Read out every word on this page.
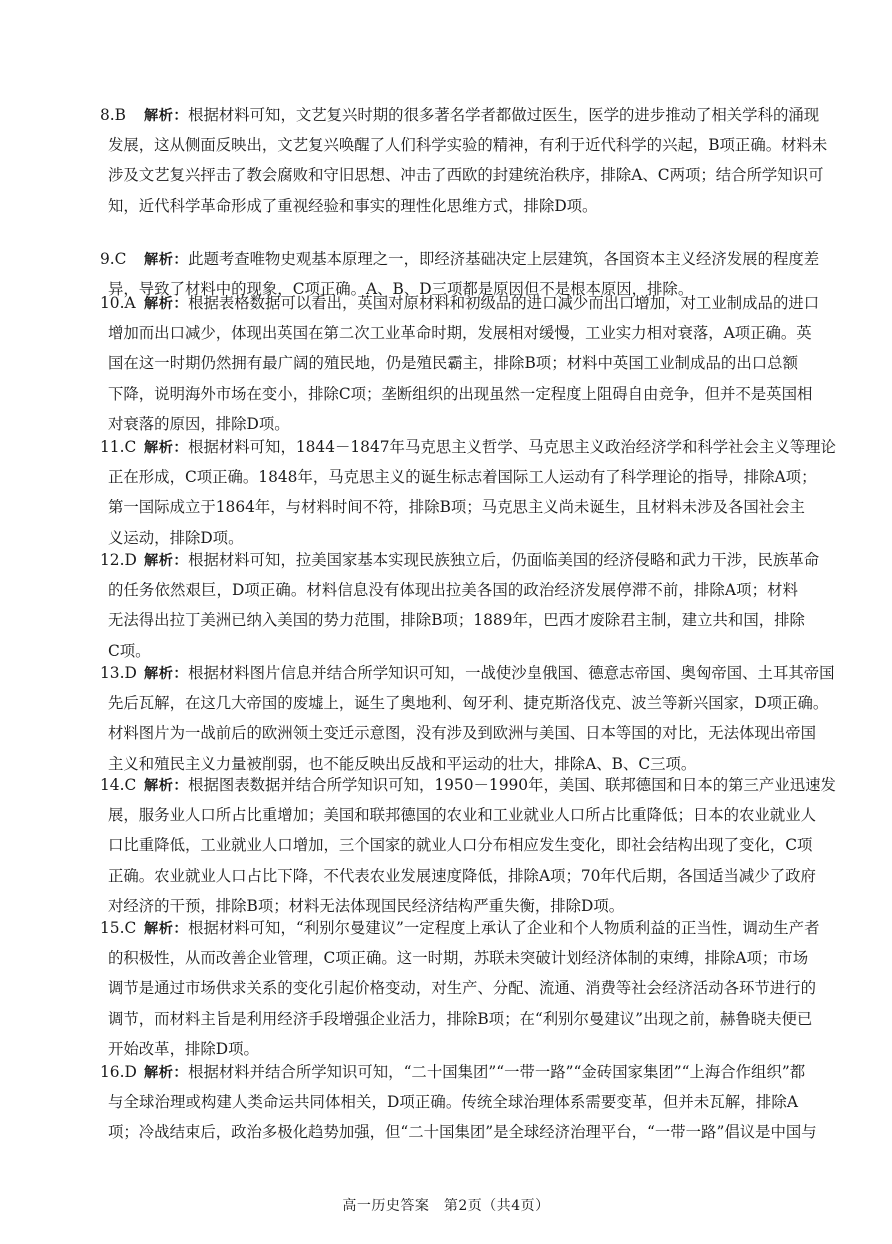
8.B 解析：根据材料可知，文艺复兴时期的很多著名学者都做过医生，医学的进步推动了相关学科的涌现
发展，这从侧面反映出，文艺复兴唤醒了人们科学实验的精神，有利于近代科学的兴起，B项正确。材料未
涉及文艺复兴抨击了教会腐败和守旧思想、冲击了西欧的封建统治秩序，排除A、C两项；结合所学知识可
知，近代科学革命形成了重视经验和事实的理性化思维方式，排除D项。
9.C 解析：此题考查唯物史观基本原理之一，即经济基础决定上层建筑，各国资本主义经济发展的程度差
异，导致了材料中的现象，C项正确。A、B、D三项都是原因但不是根本原因，排除。
10.A 解析：根据表格数据可以看出，英国对原材料和初级品的进口减少而出口增加，对工业制成品的进口
增加而出口减少，体现出英国在第二次工业革命时期，发展相对缓慢，工业实力相对衰落，A项正确。英
国在这一时期仍然拥有最广阔的殖民地，仍是殖民霸主，排除B项；材料中英国工业制成品的出口总额
下降，说明海外市场在变小，排除C项；垄断组织的出现虽然一定程度上阻碍自由竞争，但并不是英国相
对衰落的原因，排除D项。
11.C 解析：根据材料可知，1844－1847年马克思主义哲学、马克思主义政治经济学和科学社会主义等理论
正在形成，C项正确。1848年，马克思主义的诞生标志着国际工人运动有了科学理论的指导，排除A项；
第一国际成立于1864年，与材料时间不符，排除B项；马克思主义尚未诞生，且材料未涉及各国社会主
义运动，排除D项。
12.D 解析：根据材料可知，拉美国家基本实现民族独立后，仍面临美国的经济侵略和武力干涉，民族革命
的任务依然艰巨，D项正确。材料信息没有体现出拉美各国的政治经济发展停滞不前，排除A项；材料
无法得出拉丁美洲已纳入美国的势力范围，排除B项；1889年，巴西才废除君主制，建立共和国，排除
C项。
13.D 解析：根据材料图片信息并结合所学知识可知，一战使沙皇俄国、德意志帝国、奥匈帝国、土耳其帝国
先后瓦解，在这几大帝国的废墟上，诞生了奥地利、匈牙利、捷克斯洛伐克、波兰等新兴国家，D项正确。
材料图片为一战前后的欧洲领土变迁示意图，没有涉及到欧洲与美国、日本等国的对比，无法体现出帝国
主义和殖民主义力量被削弱，也不能反映出反战和平运动的壮大，排除A、B、C三项。
14.C 解析：根据图表数据并结合所学知识可知，1950－1990年，美国、联邦德国和日本的第三产业迅速发
展，服务业人口所占比重增加；美国和联邦德国的农业和工业就业人口所占比重降低；日本的农业就业人
口比重降低，工业就业人口增加，三个国家的就业人口分布相应发生变化，即社会结构出现了变化，C项
正确。农业就业人口占比下降，不代表农业发展速度降低，排除A项；70年代后期，各国适当减少了政府
对经济的干预，排除B项；材料无法体现国民经济结构严重失衡，排除D项。
15.C 解析：根据材料可知，“利别尔曼建议”一定程度上承认了企业和个人物质利益的正当性，调动生产者
的积极性，从而改善企业管理，C项正确。这一时期，苏联未突破计划经济体制的束缚，排除A项；市场
调节是通过市场供求关系的变化引起价格变动，对生产、分配、流通、消费等社会经济活动各环节进行的
调节，而材料主旨是利用经济手段增强企业活力，排除B项；在“利别尔曼建议”出现之前，赫鲁晓夫便已
开始改革，排除D项。
16.D 解析：根据材料并结合所学知识可知，“二十国集团”“一带一路”“金砖国家集团”“上海合作组织”都
与全球治理或构建人类命运共同体相关，D项正确。传统全球治理体系需要变革，但并未瓦解，排除A
项；冷战结束后，政治多极化趋势加强，但“二十国集团”是全球经济治理平台，“一带一路”倡议是中国与
高一历史答案　第2页（共4页）
